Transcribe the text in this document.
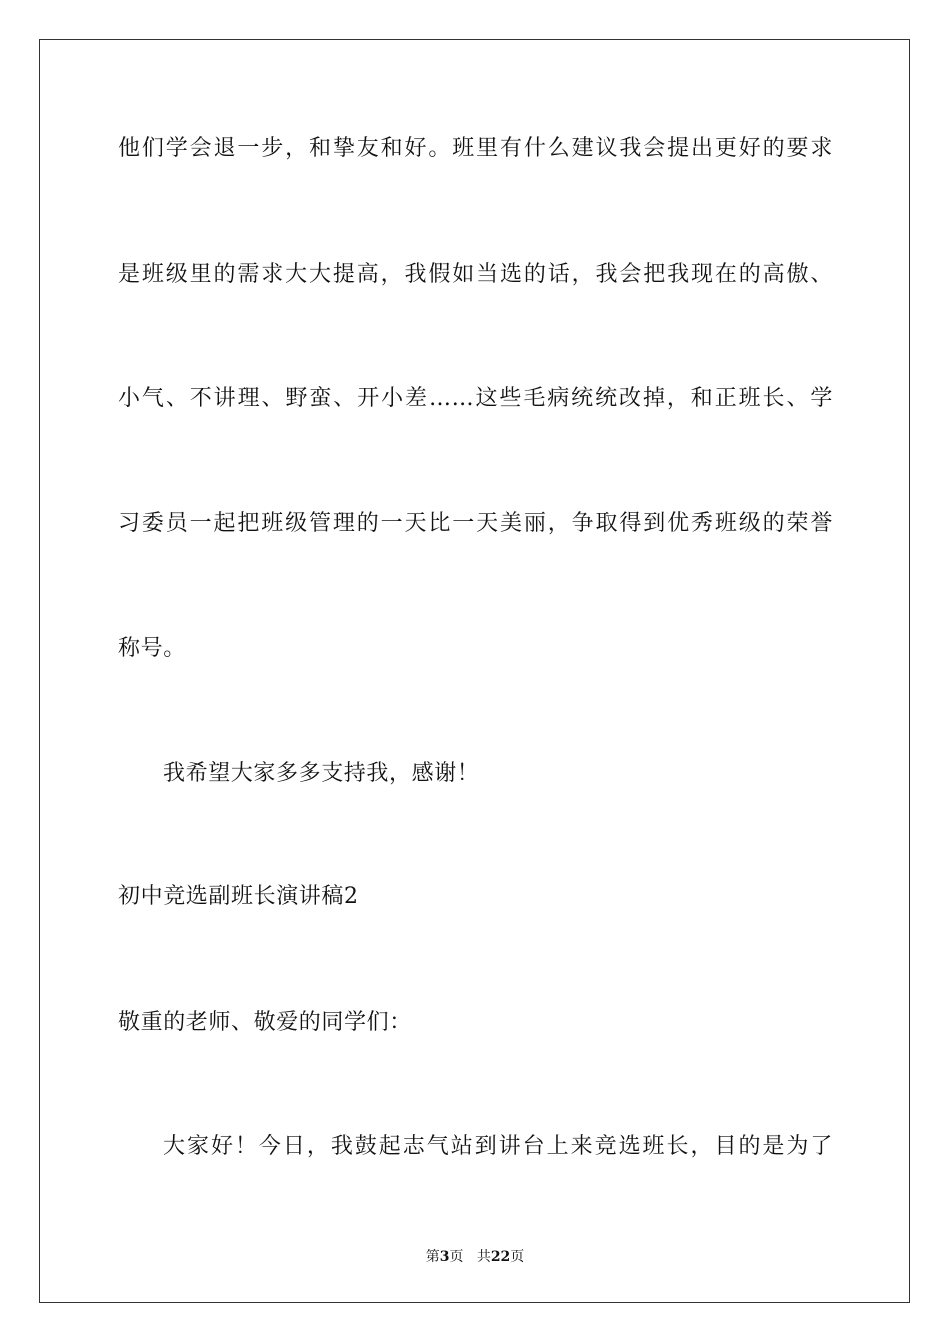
他们学会退一步，和挚友和好。班里有什么建议我会提出更好的要求
是班级里的需求大大提高，我假如当选的话，我会把我现在的高傲、
小气、不讲理、野蛮、开小差……这些毛病统统改掉，和正班长、学
习委员一起把班级管理的一天比一天美丽，争取得到优秀班级的荣誉
称号。
我希望大家多多支持我，感谢！
初中竞选副班长演讲稿2
敬重的老师、敬爱的同学们：
大家好！今日，我鼓起志气站到讲台上来竞选班长，目的是为了
第3页 共22页
